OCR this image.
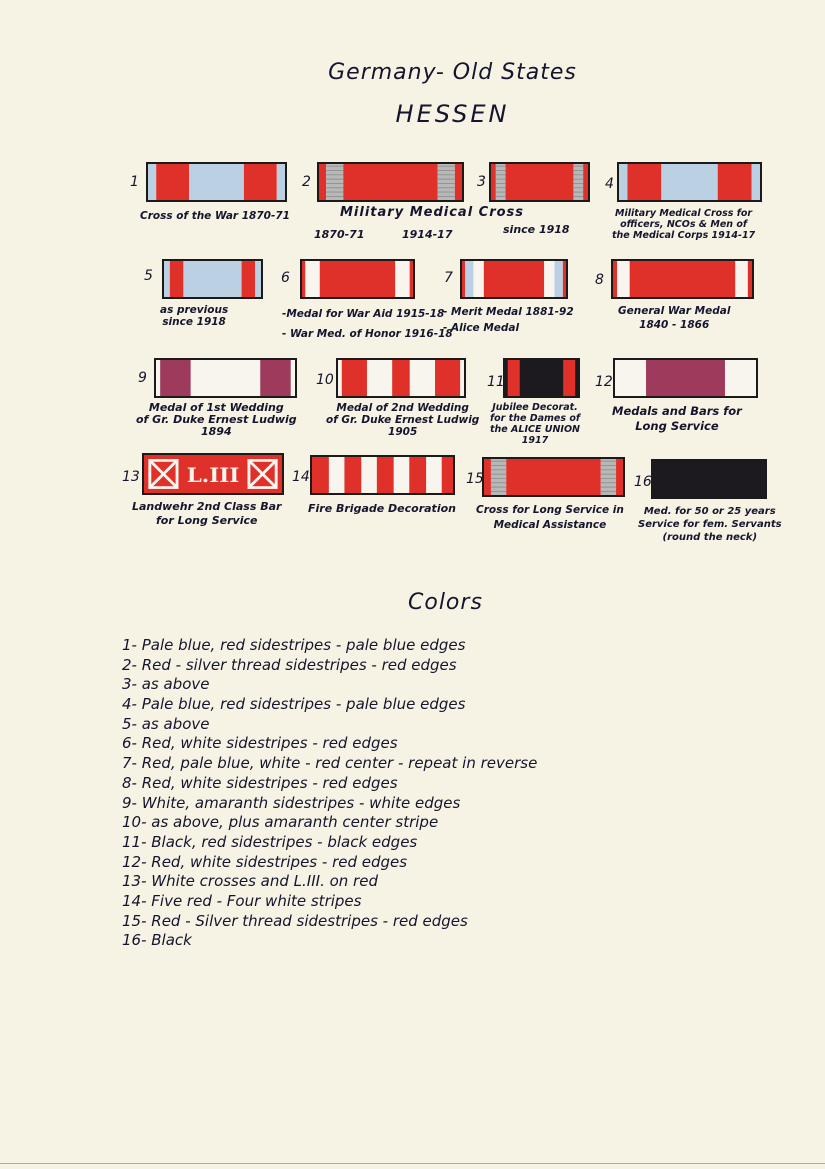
Germany- Old States
HESSEN
1
Cross of the War 1870-71
2
Military Medical Cross
1870-71	1914-17	since 1918
3	4
Military Medical Cross for
officers, NCOs & Men of
the Medical Corps 1914-17
5
as previous
since 1918
6
-Medal for War Aid 1915-18
- War Med. of Honor 1916-18
7
- Merit Medal 1881-92
- Alice Medal
8
General War Medal
1840 - 1866
9
Medal of 1st Wedding
of Gr. Duke Ernest Ludwig
1894
10
Medal of 2nd Wedding
of Gr. Duke Ernest Ludwig
1905
11
Jubilee Decorat.
for the Dames of
the ALICE UNION
1917
12
Medals and Bars for
Long Service
13 L.III
Landwehr 2nd Class Bar
for Long Service
14
Fire Brigade Decoration
15
Cross for Long Service in
Medical Assistance
16
Med. for 50 or 25 years
Service for fem. Servants
(round the neck)
Colors
1- Pale blue, red sidestripes - pale blue edges
2- Red - silver thread sidestripes - red edges
3- as above
4- Pale blue, red sidestripes - pale blue edges
5- as above
6- Red, white sidestripes - red edges
7- Red, pale blue, white - red center - repeat in reverse
8- Red, white sidestripes - red edges
9- White, amaranth sidestripes - white edges
10- as above, plus amaranth center stripe
11- Black, red sidestripes - black edges
12- Red, white sidestripes - red edges
13- White crosses and L.III. on red
14- Five red - Four white stripes
15- Red - Silver thread sidestripes - red edges
16- Black
